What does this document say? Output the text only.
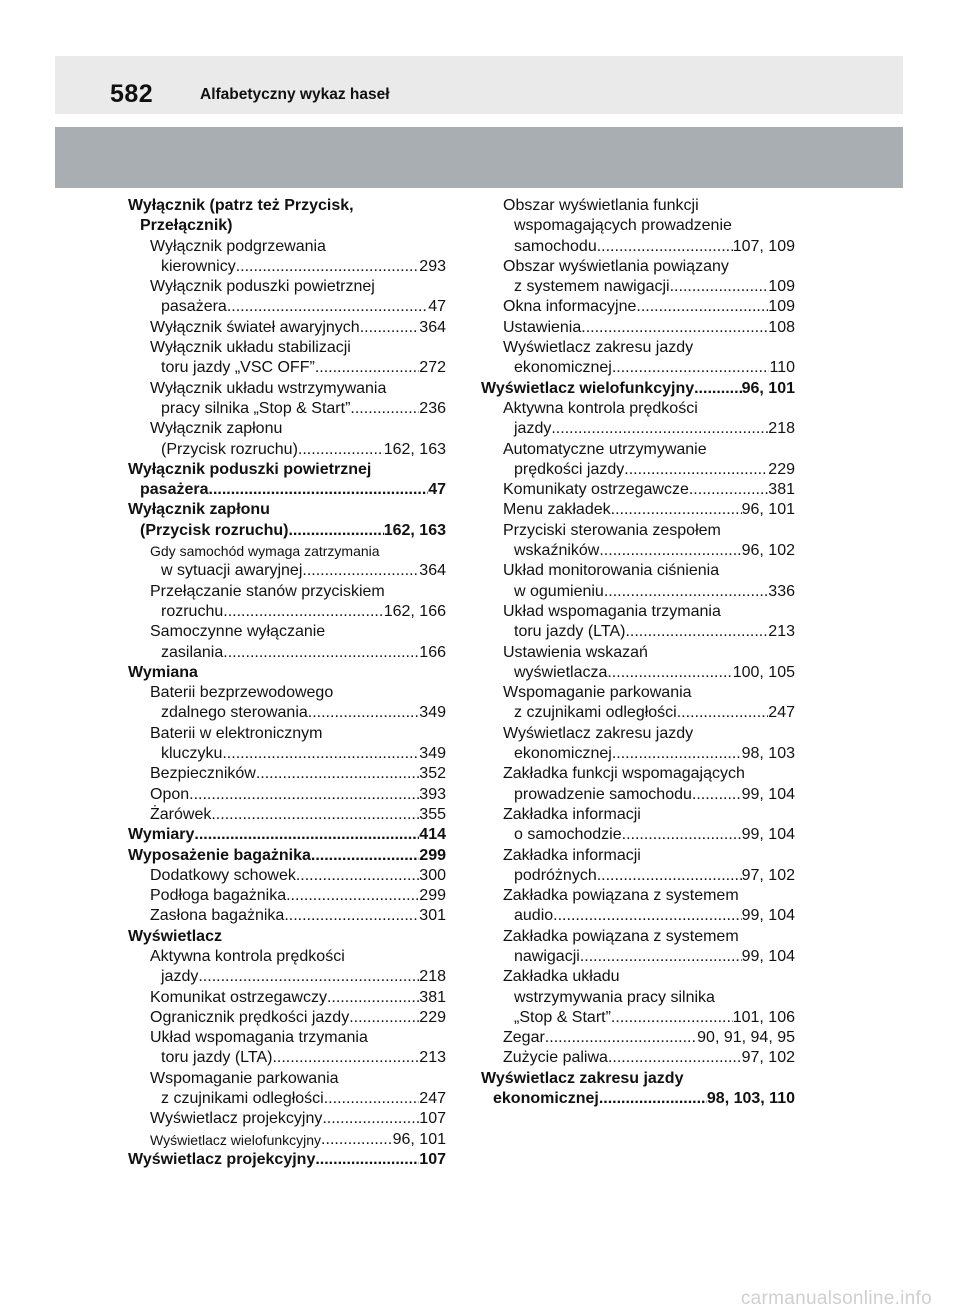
582	Alfabetyczny wykaz haseł
Wyłącznik (patrz też Przycisk,
Przełącznik)
Wyłącznik podgrzewania
kierownicy .....	293
Wyłącznik poduszki powietrznej
pasażera .....	47
Wyłącznik świateł awaryjnych .....	364
Wyłącznik układu stabilizacji
toru jazdy „VSC OFF” .....	272
Wyłącznik układu wstrzymywania
pracy silnika „Stop & Start” .....	236
Wyłącznik zapłonu
(Przycisk rozruchu) .....	162, 163
Wyłącznik poduszki powietrznej
pasażera .....	47
Wyłącznik zapłonu
(Przycisk rozruchu) .....	162, 163
Gdy samochód wymaga zatrzymania
w sytuacji awaryjnej .....	364
Przełączanie stanów przyciskiem
rozruchu .....	162, 166
Samoczynne wyłączanie
zasilania .....	166
Wymiana
Baterii bezprzewodowego
zdalnego sterowania .....	349
Baterii w elektronicznym
kluczyku .....	349
Bezpieczników .....	352
Opon .....	393
Żarówek .....	355
Wymiary .....	414
Wyposażenie bagażnika .....	299
Dodatkowy schowek .....	300
Podłoga bagażnika .....	299
Zasłona bagażnika .....	301
Wyświetlacz
Aktywna kontrola prędkości
jazdy .....	218
Komunikat ostrzegawczy .....	381
Ogranicznik prędkości jazdy .....	229
Układ wspomagania trzymania
toru jazdy (LTA) .....	213
Wspomaganie parkowania
z czujnikami odległości .....	247
Wyświetlacz projekcyjny .....	107
Wyświetlacz wielofunkcyjny .....	96, 101
Wyświetlacz projekcyjny .....	107
Obszar wyświetlania funkcji
wspomagających prowadzenie
samochodu .....	107, 109
Obszar wyświetlania powiązany
z systemem nawigacji .....	109
Okna informacyjne .....	109
Ustawienia .....	108
Wyświetlacz zakresu jazdy
ekonomicznej .....	110
Wyświetlacz wielofunkcyjny .....	96, 101
Aktywna kontrola prędkości
jazdy .....	218
Automatyczne utrzymywanie
prędkości jazdy .....	229
Komunikaty ostrzegawcze .....	381
Menu zakładek .....	96, 101
Przyciski sterowania zespołem
wskaźników .....	96, 102
Układ monitorowania ciśnienia
w ogumieniu .....	336
Układ wspomagania trzymania
toru jazdy (LTA) .....	213
Ustawienia wskazań
wyświetlacza .....	100, 105
Wspomaganie parkowania
z czujnikami odległości .....	247
Wyświetlacz zakresu jazdy
ekonomicznej .....	98, 103
Zakładka funkcji wspomagających
prowadzenie samochodu .....	99, 104
Zakładka informacji
o samochodzie .....	99, 104
Zakładka informacji
podróżnych .....	97, 102
Zakładka powiązana z systemem
audio .....	99, 104
Zakładka powiązana z systemem
nawigacji .....	99, 104
Zakładka układu
wstrzymywania pracy silnika
„Stop & Start” .....	101, 106
Zegar .....	90, 91, 94, 95
Zużycie paliwa .....	97, 102
Wyświetlacz zakresu jazdy
ekonomicznej .....	98, 103, 110
carmanualsonline.info
